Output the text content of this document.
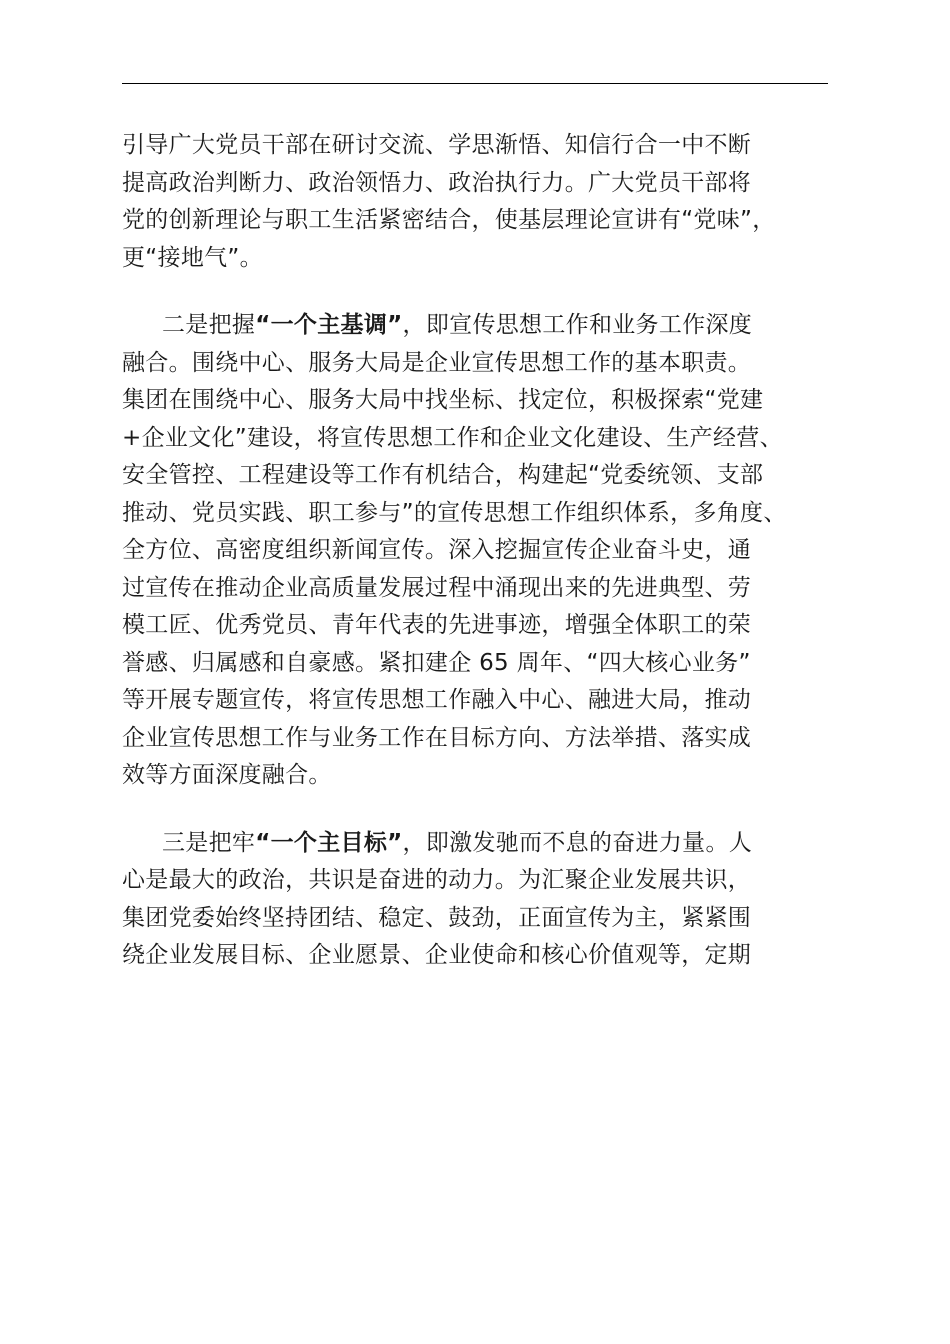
引导广大党员干部在研讨交流、学思渐悟、知信行合一中不断
提高政治判断力、政治领悟力、政治执行力。广大党员干部将
党的创新理论与职工生活紧密结合，使基层理论宣讲有“党味”，
更“接地气”。
二是把握“一个主基调”，即宣传思想工作和业务工作深度
融合。围绕中心、服务大局是企业宣传思想工作的基本职责。
集团在围绕中心、服务大局中找坐标、找定位，积极探索“党建
+企业文化”建设，将宣传思想工作和企业文化建设、生产经营、
安全管控、工程建设等工作有机结合，构建起“党委统领、支部
推动、党员实践、职工参与”的宣传思想工作组织体系，多角度、
全方位、高密度组织新闻宣传。深入挖掘宣传企业奋斗史，通
过宣传在推动企业高质量发展过程中涌现出来的先进典型、劳
模工匠、优秀党员、青年代表的先进事迹，增强全体职工的荣
誉感、归属感和自豪感。紧扣建企 65 周年、“四大核心业务”
等开展专题宣传，将宣传思想工作融入中心、融进大局，推动
企业宣传思想工作与业务工作在目标方向、方法举措、落实成
效等方面深度融合。
三是把牢“一个主目标”，即激发驰而不息的奋进力量。人
心是最大的政治，共识是奋进的动力。为汇聚企业发展共识，
集团党委始终坚持团结、稳定、鼓劲，正面宣传为主，紧紧围
绕企业发展目标、企业愿景、企业使命和核心价值观等，定期
